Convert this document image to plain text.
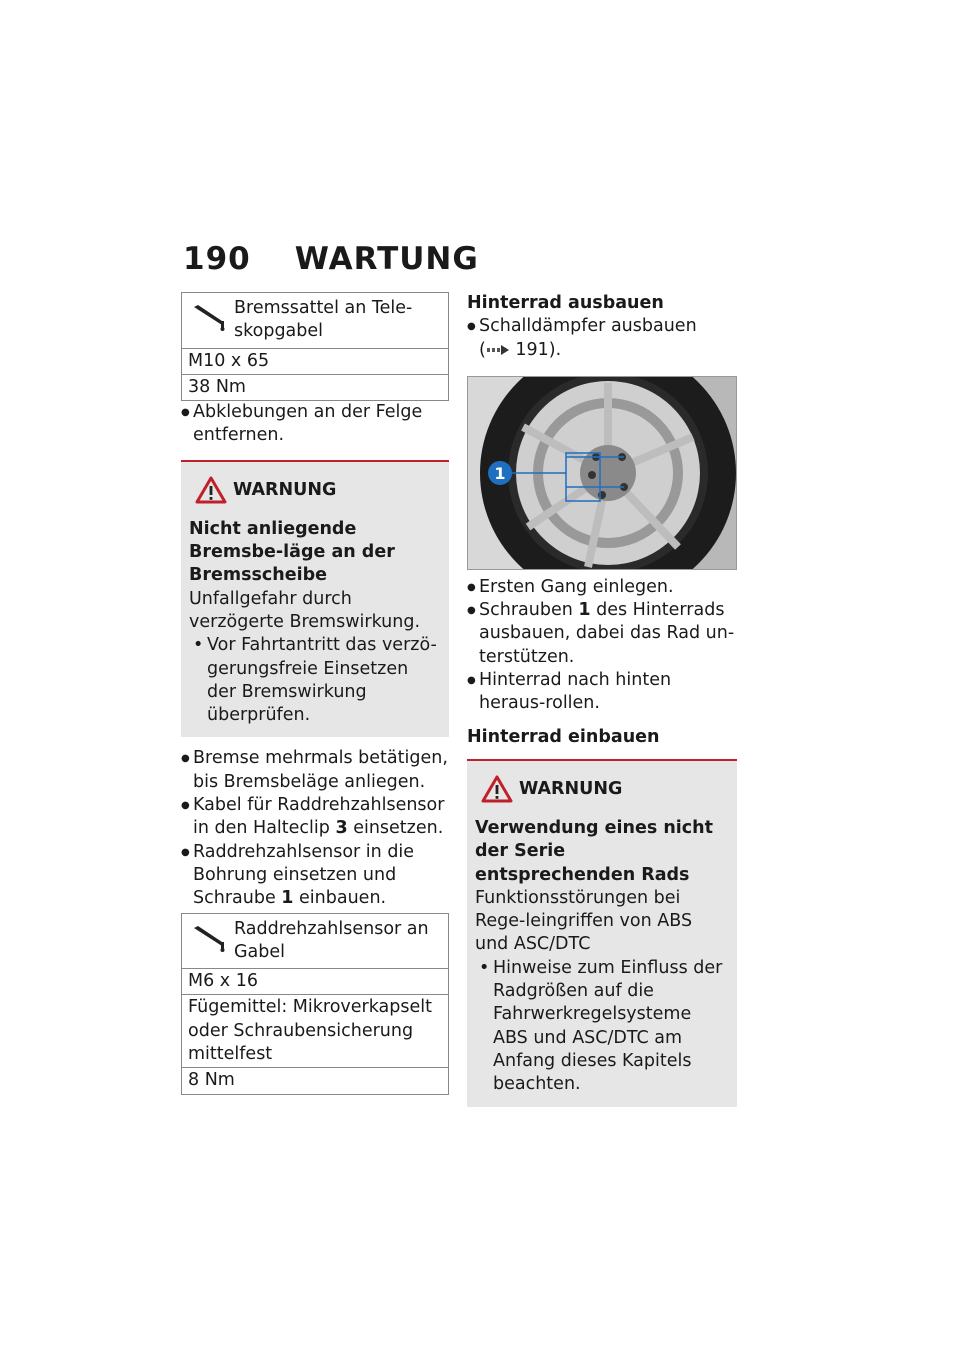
190 WARTUNG
Bremssattel an Tele-skopgabel
M10 x 65
38 Nm

● Abklebungen an der Felge entfernen.

WARNUNG

Nicht anliegende Bremsbe-läge an der Bremsscheibe

Unfallgefahr durch verzögerte Bremswirkung.

• Vor Fahrtantritt das verzö-gerungsfreie Einsetzen der Bremswirkung überprüfen.

● Bremse mehrmals betätigen, bis Bremsbeläge anliegen.

● Kabel für Raddrehzahlsensor in den Halteclip 3 einsetzen.

● Raddrehzahlsensor in die Bohrung einsetzen und Schraube 1 einbauen.

Raddrehzahlsensor an Gabel
M6 x 16
Fügemittel: Mikroverkapselt oder Schraubensicherung mittelfest
8 Nm

Hinterrad ausbauen

● Schalldämpfer ausbauen
( 191).

1

● Ersten Gang einlegen.

● Schrauben 1 des Hinterrads ausbauen, dabei das Rad un-terstützen.

● Hinterrad nach hinten heraus-rollen.

Hinterrad einbauen

WARNUNG

Verwendung eines nicht der Serie entsprechenden Rads

Funktionsstörungen bei Rege-leingriffen von ABS und ASC/DTC

• Hinweise zum Einfluss der Radgrößen auf die Fahrwerkregelsysteme ABS und ASC/DTC am Anfang dieses Kapitels beachten.
